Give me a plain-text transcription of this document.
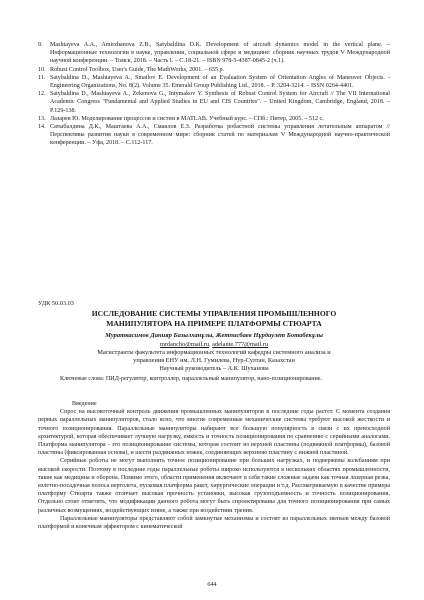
9.	Mashtayeva A.A., Amirzhanova Z.B., Satybaldina D.K. Development of aircraft dynamics model in the vertical plane. – Информационные технологии в науке, управлении, социальной сфере и медицине: сборник научных трудов V Международной научной конференции. – Томск, 2018. – Часть I. – С.18-21. – ISBN 978-5-4387-0845-2 (ч.1).
10. Robust Control Toolbox, User's Guide, The MathWorks, 2001. – 655 р.
11. Satybaldina D., Mashtayeva A., Smailov E. Development of an Evaluation System of Orientation Angles of Maneuver Objects. - Engineering Organizations, No. 8(2). Volume 35. Emerald Group Publishing Ltd., 2018. – P. 3204-3214. – ISSN 0264-4401.
12. Satybaldina D., Mashtayeva A., Zekenova G., Intymakov Y. Synthesis of Robust Control System for Aircraft // The VII International Academic Congress "Fundamental and Applied Studies in EU and CIS Countries". – United Kingdom, Cambridge, England, 2018. – P.129-138.
13. Лазарев Ю. Моделирование процессов и систем в MATLAB. Учебный курс. – СПб.: Питер, 2005. – 512 с.
14. Сатыбалдина Д.К., Маштаева А.А., Смаилов Е.З. Разработка робастной системы управления летательным аппаратом // Перспективы развития науки в современном мире: сборник статей по материалам V Международной научно-практической конференции. – Уфа, 2018. – С.112-117.
УДК 50.03.03
ИССЛЕДОВАНИЕ СИСТЕМЫ УПРАВЛЕНИЯ ПРОМЫШЛЕННОГО
МАНИПУЛЯТОРА НА ПРИМЕРЕ ПЛАТФОРМЫ СТЮАРТА
Мураткасимов Данияр Базылханұлы, Жетписбаев Нұрдаулет Ботабекұлы
mrdancho@mail.ru, adelante.777@mail.ru
Магистранты факультета информационных технологий кафедры системного анализа и
управления ЕНУ им. Л.Н. Гумилева, Нур-Султан, Казахстан
Научный руководитель – А.К. Шуханова
Ключевые слова: ПИД-регулятор, контроллер, параллельный манипулятор, нано-позиционирование.

Введение

Спрос на высокоточный контроль движения промышленных манипуляторов в последние годы растет. С момента создания первых параллельных манипуляторов, стало ясно, что многие современные механические системы требуют высокой жесткости и точного позиционирования. Параллельные манипуляторы набирают все большую популярность в связи с их превосходной архитектурой, которая обеспечивает лучшую нагрузку, емкость и точность позиционирования по сравнению с серийными аналогами. Платформа манипулятора - это позиционирование системы, которая состоит из верхней пластины (подвижной платформы), базовой пластины (фиксированная основа), и шести раздвижных ножек, соединяющих верхнюю пластину с нижней пластиной.

Серийные роботы не могут выполнять точное позиционирование при больших нагрузках, и подвержены колебаниям при высокой скорости. Поэтому в последние годы параллельные роботы широко используются в нескольких областях промышленности, такие как медицина и оборона. Помимо этого, области применения включают в себя такие сложные задачи как точная лазерная резка, взлетно-посадочная полоса вертолета, пусковая платформа ракет, хирургические операции и т.д. Рассматриваемую в качестве примера платформу Стюарта также отличает высокая прочность установки, высокая грузоподъемность и точность позиционирования. Отдельно стоит отметить, что модификации данного робота могут быть спроектированы для точного позиционирования при самых различных возмущениях, воздействующих извне, а также при воздействии трения.

Параллельные манипуляторы представляют собой замкнутые механизмы и состоят из параллельных звеньев между базовой платформой и конечным эффектором с кинематической

644
